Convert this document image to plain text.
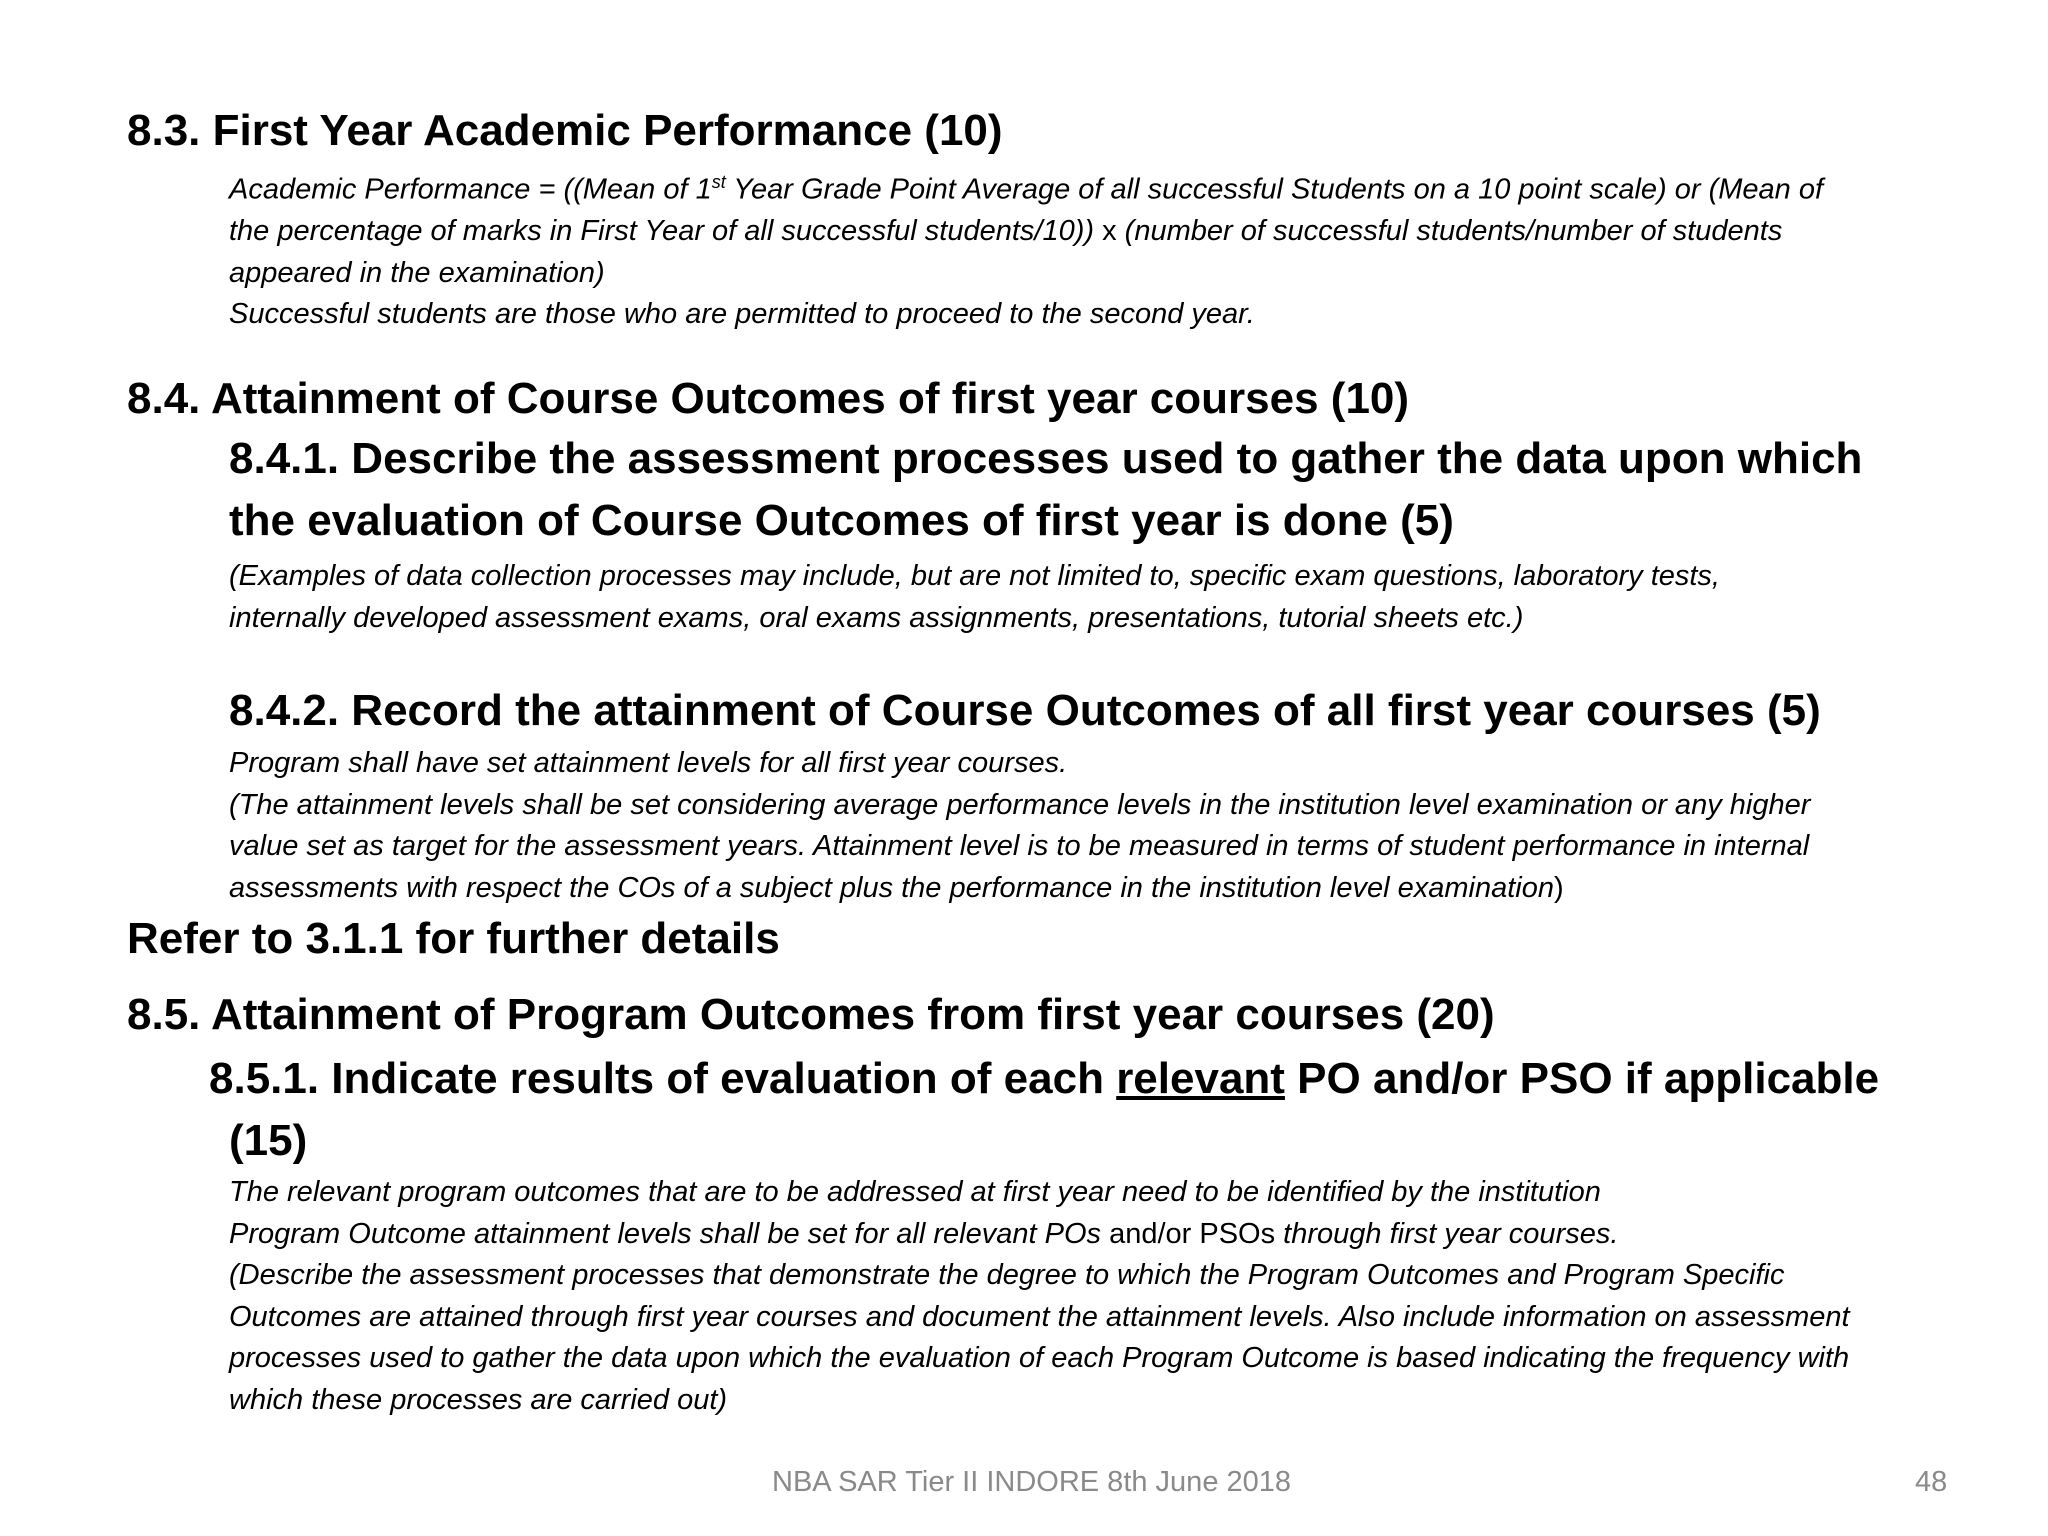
8.3. First Year Academic Performance (10)
Academic Performance = ((Mean of 1st Year Grade Point Average of all successful Students on a 10 point scale) or (Mean of
the percentage of marks in First Year of all successful students/10)) x (number of successful students/number of students
appeared in the examination)
Successful students are those who are permitted to proceed to the second year.
8.4. Attainment of Course Outcomes of first year courses (10)
8.4.1. Describe the assessment processes used to gather the data upon which
the evaluation of Course Outcomes of first year is done (5)
(Examples of data collection processes may include, but are not limited to, specific exam questions, laboratory tests,
internally developed assessment exams, oral exams assignments, presentations, tutorial sheets etc.)
8.4.2. Record the attainment of Course Outcomes of all first year courses (5)
Program shall have set attainment levels for all first year courses.
(The attainment levels shall be set considering average performance levels in the institution level examination or any higher
value set as target for the assessment years. Attainment level is to be measured in terms of student performance in internal
assessments with respect the COs of a subject plus the performance in the institution level examination)
Refer to 3.1.1 for further details
8.5. Attainment of Program Outcomes from first year courses (20)
8.5.1. Indicate results of evaluation of each relevant PO and/or PSO if applicable
(15)
The relevant program outcomes that are to be addressed at first year need to be identified by the institution
Program Outcome attainment levels shall be set for all relevant POs and/or PSOs through first year courses.
(Describe the assessment processes that demonstrate the degree to which the Program Outcomes and Program Specific
Outcomes are attained through first year courses and document the attainment levels. Also include information on assessment
processes used to gather the data upon which the evaluation of each Program Outcome is based indicating the frequency with
which these processes are carried out)
NBA SAR Tier II INDORE 8th June 2018	48
